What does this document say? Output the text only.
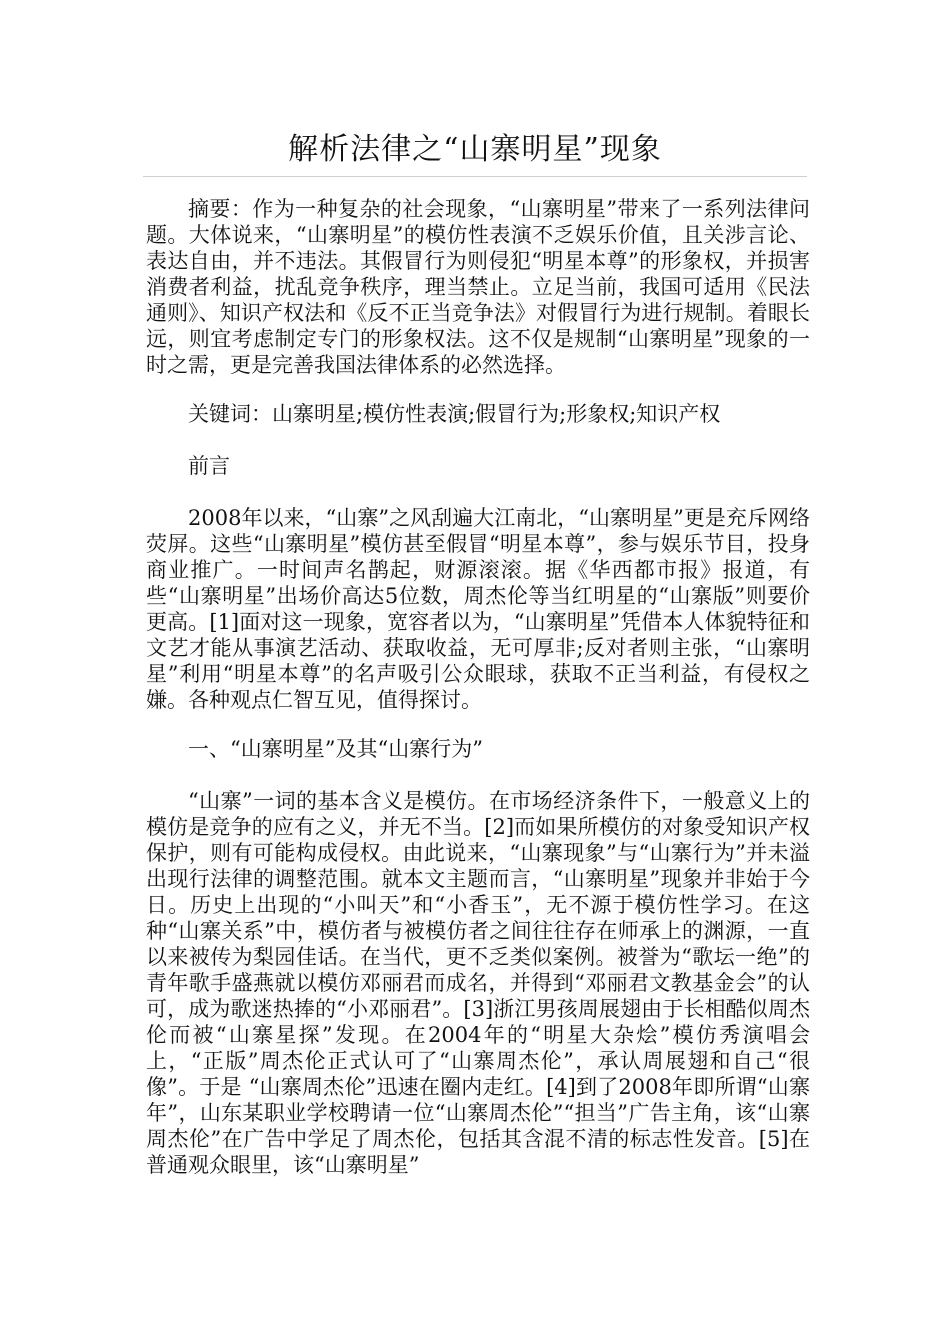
解析法律之“山寨明星”现象

摘要：作为一种复杂的社会现象，“山寨明星”带来了一系列法律问题。大体说来，“山寨明星”的模仿性表演不乏娱乐价值，且关涉言论、表达自由，并不违法。其假冒行为则侵犯“明星本尊”的形象权，并损害消费者利益，扰乱竞争秩序，理当禁止。立足当前，我国可适用《民法通则》、知识产权法和《反不正当竞争法》对假冒行为进行规制。着眼长远，则宜考虑制定专门的形象权法。这不仅是规制“山寨明星”现象的一时之需，更是完善我国法律体系的必然选择。

关键词：山寨明星;模仿性表演;假冒行为;形象权;知识产权

前言

2008年以来，“山寨”之风刮遍大江南北，“山寨明星”更是充斥网络荧屏。这些“山寨明星”模仿甚至假冒“明星本尊”，参与娱乐节目，投身商业推广。一时间声名鹊起，财源滚滚。据《华西都市报》报道，有些“山寨明星”出场价高达5位数，周杰伦等当红明星的“山寨版”则要价更高。[1]面对这一现象，宽容者以为，“山寨明星”凭借本人体貌特征和文艺才能从事演艺活动、获取收益，无可厚非;反对者则主张，“山寨明星”利用“明星本尊”的名声吸引公众眼球，获取不正当利益，有侵权之嫌。各种观点仁智互见，值得探讨。

一、“山寨明星”及其“山寨行为”

“山寨”一词的基本含义是模仿。在市场经济条件下，一般意义上的模仿是竞争的应有之义，并无不当。[2]而如果所模仿的对象受知识产权保护，则有可能构成侵权。由此说来，“山寨现象”与“山寨行为”并未溢出现行法律的调整范围。就本文主题而言，“山寨明星”现象并非始于今日。历史上出现的“小叫天”和“小香玉”，无不源于模仿性学习。在这种“山寨关系”中，模仿者与被模仿者之间往往存在师承上的渊源，一直以来被传为梨园佳话。在当代，更不乏类似案例。被誉为“歌坛一绝”的青年歌手盛燕就以模仿邓丽君而成名，并得到“邓丽君文教基金会”的认可，成为歌迷热捧的“小邓丽君”。[3]浙江男孩周展翅由于长相酷似周杰伦而被“山寨星探”发现。在2004年的“明星大杂烩”模仿秀演唱会上，“正版”周杰伦正式认可了“山寨周杰伦”，承认周展翅和自己“很像”。于是 “山寨周杰伦”迅速在圈内走红。[4]到了2008年即所谓“山寨年”，山东某职业学校聘请一位“山寨周杰伦”“担当”广告主角，该“山寨周杰伦”在广告中学足了周杰伦，包括其含混不清的标志性发音。[5]在普通观众眼里，该“山寨明星”
